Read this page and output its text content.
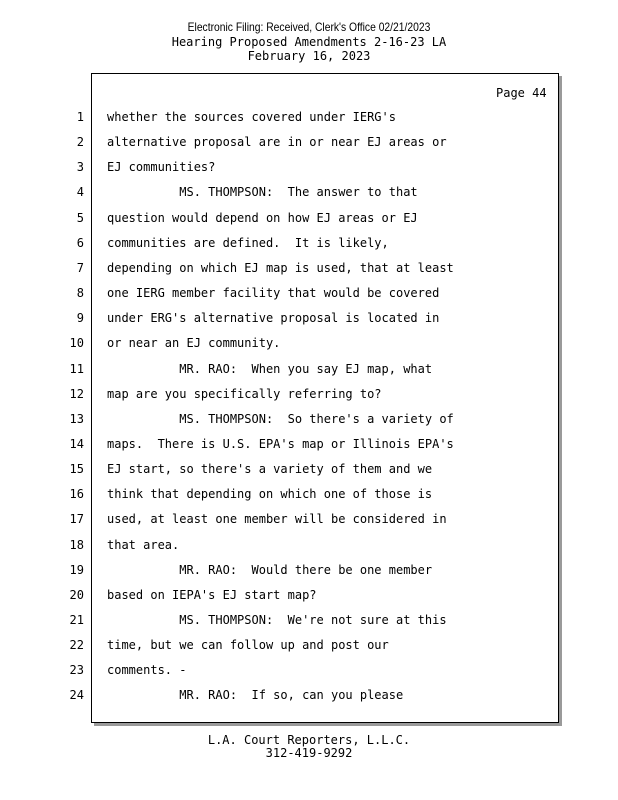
Electronic Filing: Received, Clerk's Office 02/21/2023
Hearing Proposed Amendments 2-16-23 LA
February 16, 2023
Page 44
1 whether the sources covered under IERG's
2 alternative proposal are in or near EJ areas or
3 EJ communities?
4 MS. THOMPSON:  The answer to that
5 question would depend on how EJ areas or EJ
6 communities are defined.  It is likely,
7 depending on which EJ map is used, that at least
8 one IERG member facility that would be covered
9 under ERG's alternative proposal is located in
10 or near an EJ community.
11 MR. RAO:  When you say EJ map, what
12 map are you specifically referring to?
13 MS. THOMPSON:  So there's a variety of
14 maps.  There is U.S. EPA's map or Illinois EPA's
15 EJ start, so there's a variety of them and we
16 think that depending on which one of those is
17 used, at least one member will be considered in
18 that area.
19 MR. RAO:  Would there be one member
20 based on IEPA's EJ start map?
21 MS. THOMPSON:  We're not sure at this
22 time, but we can follow up and post our
23 comments. -
24 MR. RAO:  If so, can you please
L.A. Court Reporters, L.L.C.
312-419-9292
